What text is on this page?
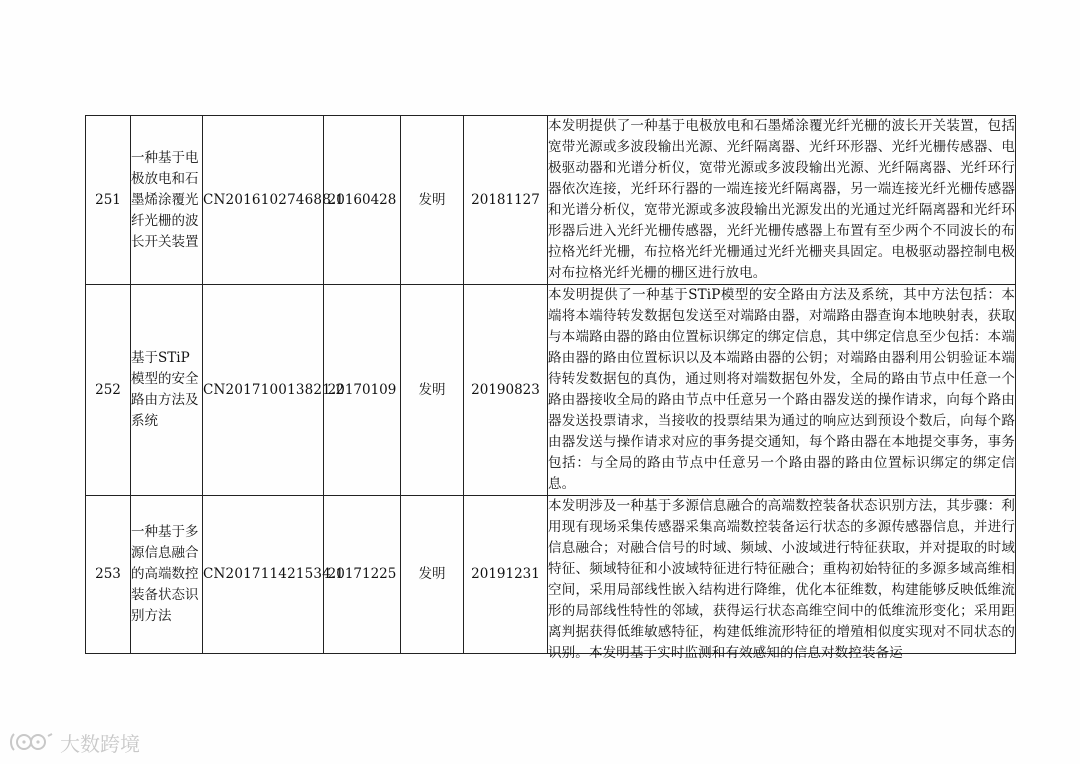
251	一种基于电极放电和石墨烯涂覆光纤光栅的波长开关装置	CN201610274688.1	20160428	发明	20181127	本发明提供了一种基于电极放电和石墨烯涂覆光纤光栅的波长开关装置，包括宽带光源或多波段输出光源、光纤隔离器、光纤环形器、光纤光栅传感器、电极驱动器和光谱分析仪，宽带光源或多波段输出光源、光纤隔离器、光纤环行器依次连接，光纤环行器的一端连接光纤隔离器，另一端连接光纤光栅传感器和光谱分析仪，宽带光源或多波段输出光源发出的光通过光纤隔离器和光纤环形器后进入光纤光栅传感器，光纤光栅传感器上布置有至少两个不同波长的布拉格光纤光栅，布拉格光纤光栅通过光纤光栅夹具固定。电极驱动器控制电极对布拉格光纤光栅的栅区进行放电。
252	基于STiP模型的安全路由方法及系统	CN201710013821.2	20170109	发明	20190823	本发明提供了一种基于STiP模型的安全路由方法及系统，其中方法包括：本端将本端待转发数据包发送至对端路由器，对端路由器查询本地映射表，获取与本端路由器的路由位置标识绑定的绑定信息，其中绑定信息至少包括：本端路由器的路由位置标识以及本端路由器的公钥；对端路由器利用公钥验证本端待转发数据包的真伪，通过则将对端数据包外发，全局的路由节点中任意一个路由器接收全局的路由节点中任意另一个路由器发送的操作请求，向每个路由器发送投票请求，当接收的投票结果为通过的响应达到预设个数后，向每个路由器发送与操作请求对应的事务提交通知，每个路由器在本地提交事务，事务包括：与全局的路由节点中任意另一个路由器的路由位置标识绑定的绑定信息。
253	一种基于多源信息融合的高端数控装备状态识别方法	CN201711421534.1	20171225	发明	20191231	本发明涉及一种基于多源信息融合的高端数控装备状态识别方法，其步骤：利用现有现场采集传感器采集高端数控装备运行状态的多源传感器信息，并进行信息融合；对融合信号的时域、频域、小波域进行特征获取，并对提取的时域特征、频域特征和小波域特征进行特征融合；重构初始特征的多源多域高维相空间，采用局部线性嵌入结构进行降维，优化本征维数，构建能够反映低维流形的局部线性特性的邻域，获得运行状态高维空间中的低维流形变化；采用距离判据获得低维敏感特征，构建低维流形特征的增殖相似度实现对不同状态的识别。本发明基于实时监测和有效感知的信息对数控装备运
大数跨境
